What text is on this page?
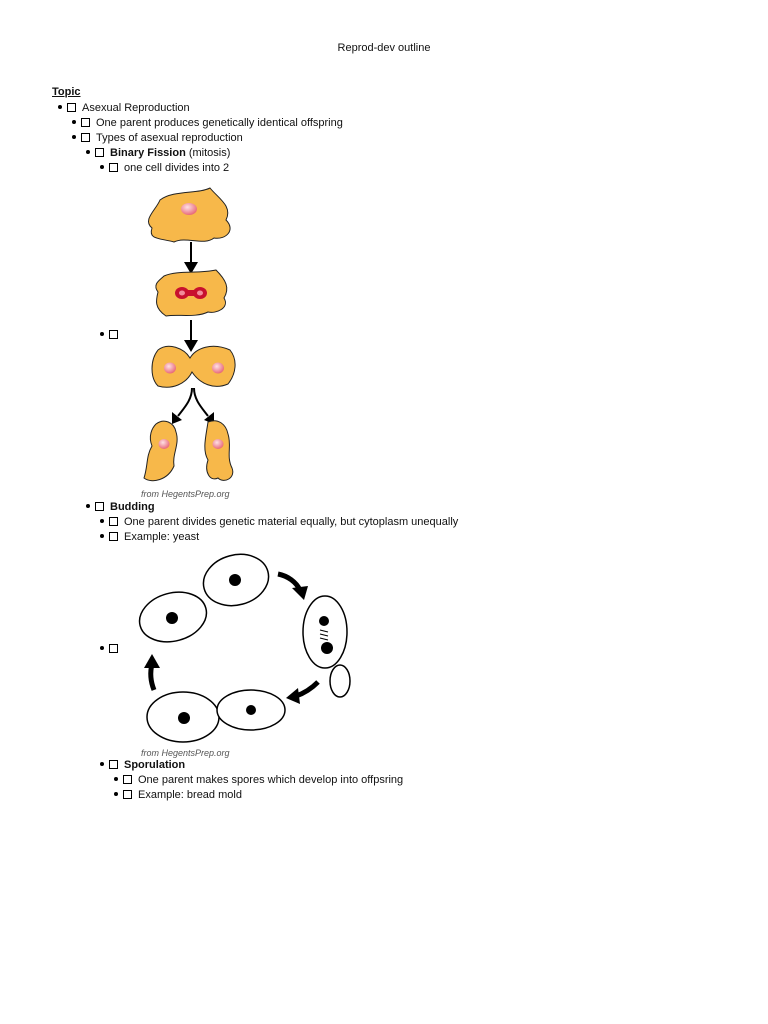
Reprod-dev outline
Topic
Asexual Reproduction
One parent produces genetically identical offspring
Types of asexual reproduction
Binary Fission (mitosis)
one cell divides into 2
from HegentsPrep.org
Budding
One parent divides genetic material equally, but cytoplasm unequally
Example: yeast
from HegentsPrep.org
Sporulation
One parent makes spores which develop into offpsring
Example: bread mold
